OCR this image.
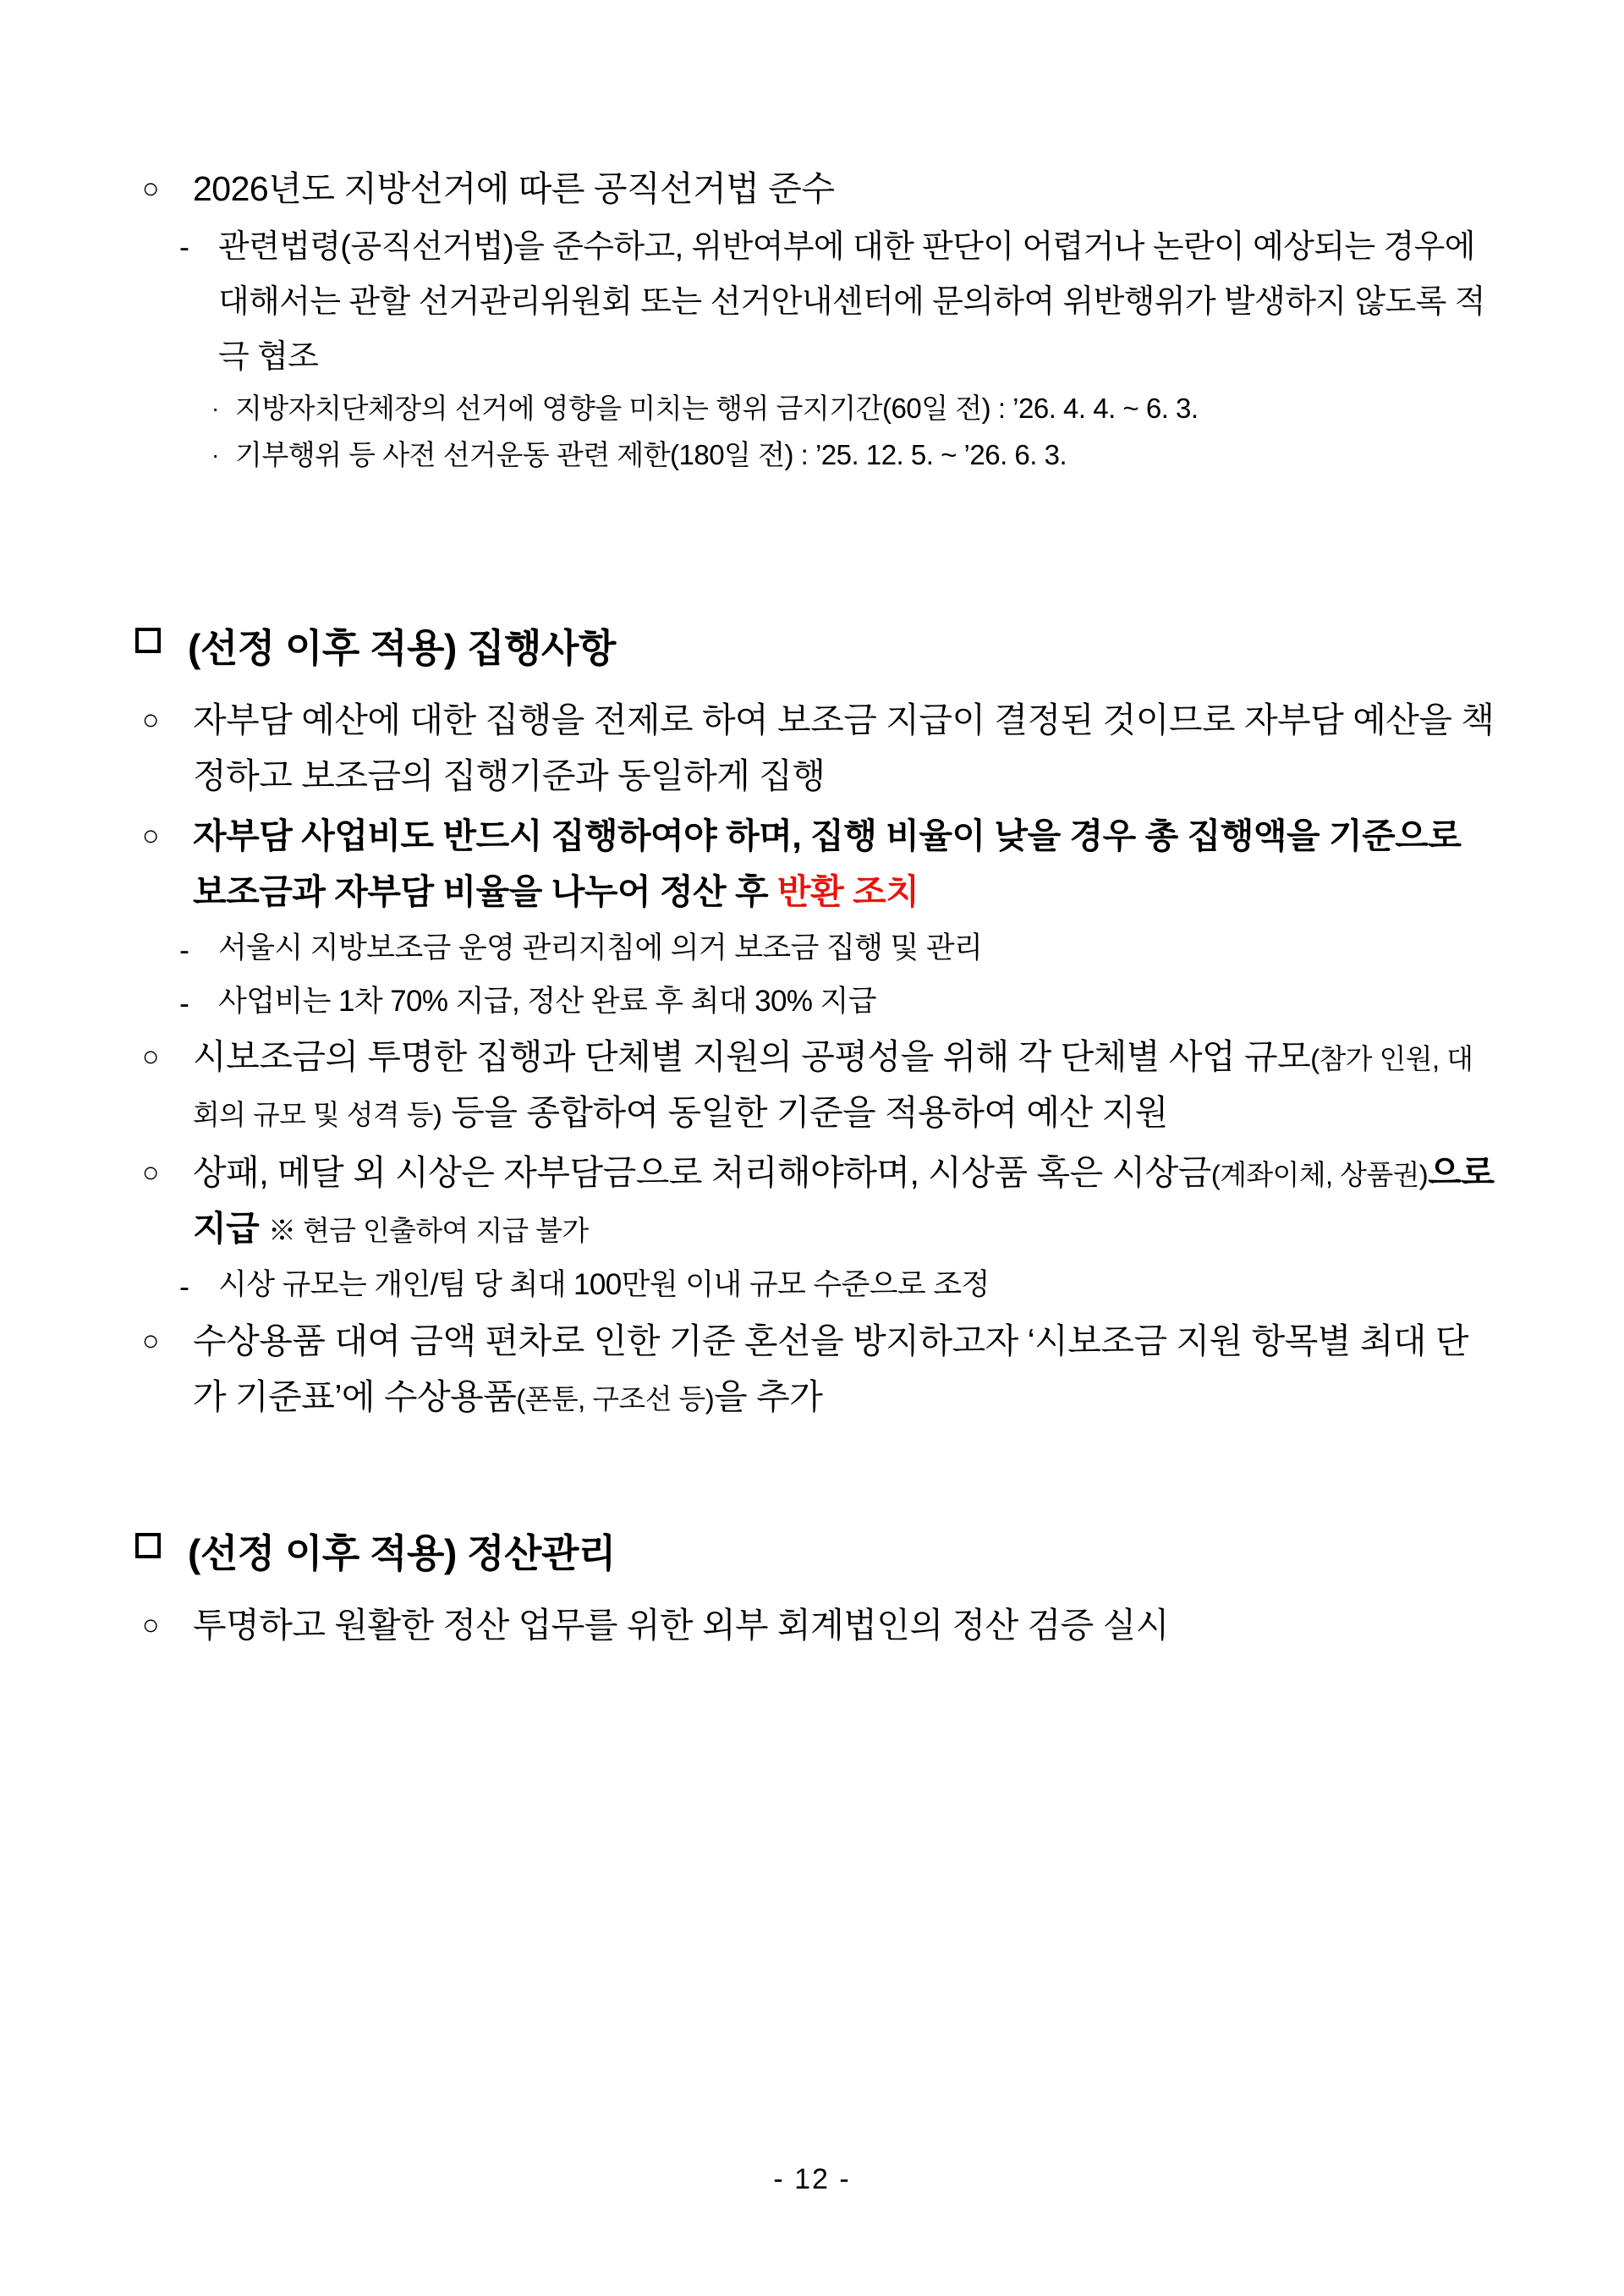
○ 2026년도 지방선거에 따른 공직선거법 준수
- 관련법령(공직선거법)을 준수하고, 위반여부에 대한 판단이 어렵거나 논란이 예상되는 경우에 대해서는 관할 선거관리위원회 또는 선거안내센터에 문의하여 위반행위가 발생하지 않도록 적극 협조
· 지방자치단체장의 선거에 영향을 미치는 행위 금지기간(60일 전) : ’26. 4. 4. ~ 6. 3.
· 기부행위 등 사전 선거운동 관련 제한(180일 전) : ’25. 12. 5. ~ ’26. 6. 3.
(선정 이후 적용) 집행사항
○ 자부담 예산에 대한 집행을 전제로 하여 보조금 지급이 결정된 것이므로 자부담 예산을 책정하고 보조금의 집행기준과 동일하게 집행
○ 자부담 사업비도 반드시 집행하여야 하며, 집행 비율이 낮을 경우 총 집행액을 기준으로 보조금과 자부담 비율을 나누어 정산 후 반환 조치
- 서울시 지방보조금 운영 관리지침에 의거 보조금 집행 및 관리
- 사업비는 1차 70% 지급, 정산 완료 후 최대 30% 지급
○ 시보조금의 투명한 집행과 단체별 지원의 공평성을 위해 각 단체별 사업 규모(참가 인원, 대회의 규모 및 성격 등) 등을 종합하여 동일한 기준을 적용하여 예산 지원
○ 상패, 메달 외 시상은 자부담금으로 처리해야하며, 시상품 혹은 시상금(계좌이체, 상품권)으로 지급 ※ 현금 인출하여 지급 불가
- 시상 규모는 개인/팀 당 최대 100만원 이내 규모 수준으로 조정
○ 수상용품 대여 금액 편차로 인한 기준 혼선을 방지하고자 ‘시보조금 지원 항목별 최대 단가 기준표’에 수상용품(폰툰, 구조선 등)을 추가
(선정 이후 적용) 정산관리
○ 투명하고 원활한 정산 업무를 위한 외부 회계법인의 정산 검증 실시
- 12 -
